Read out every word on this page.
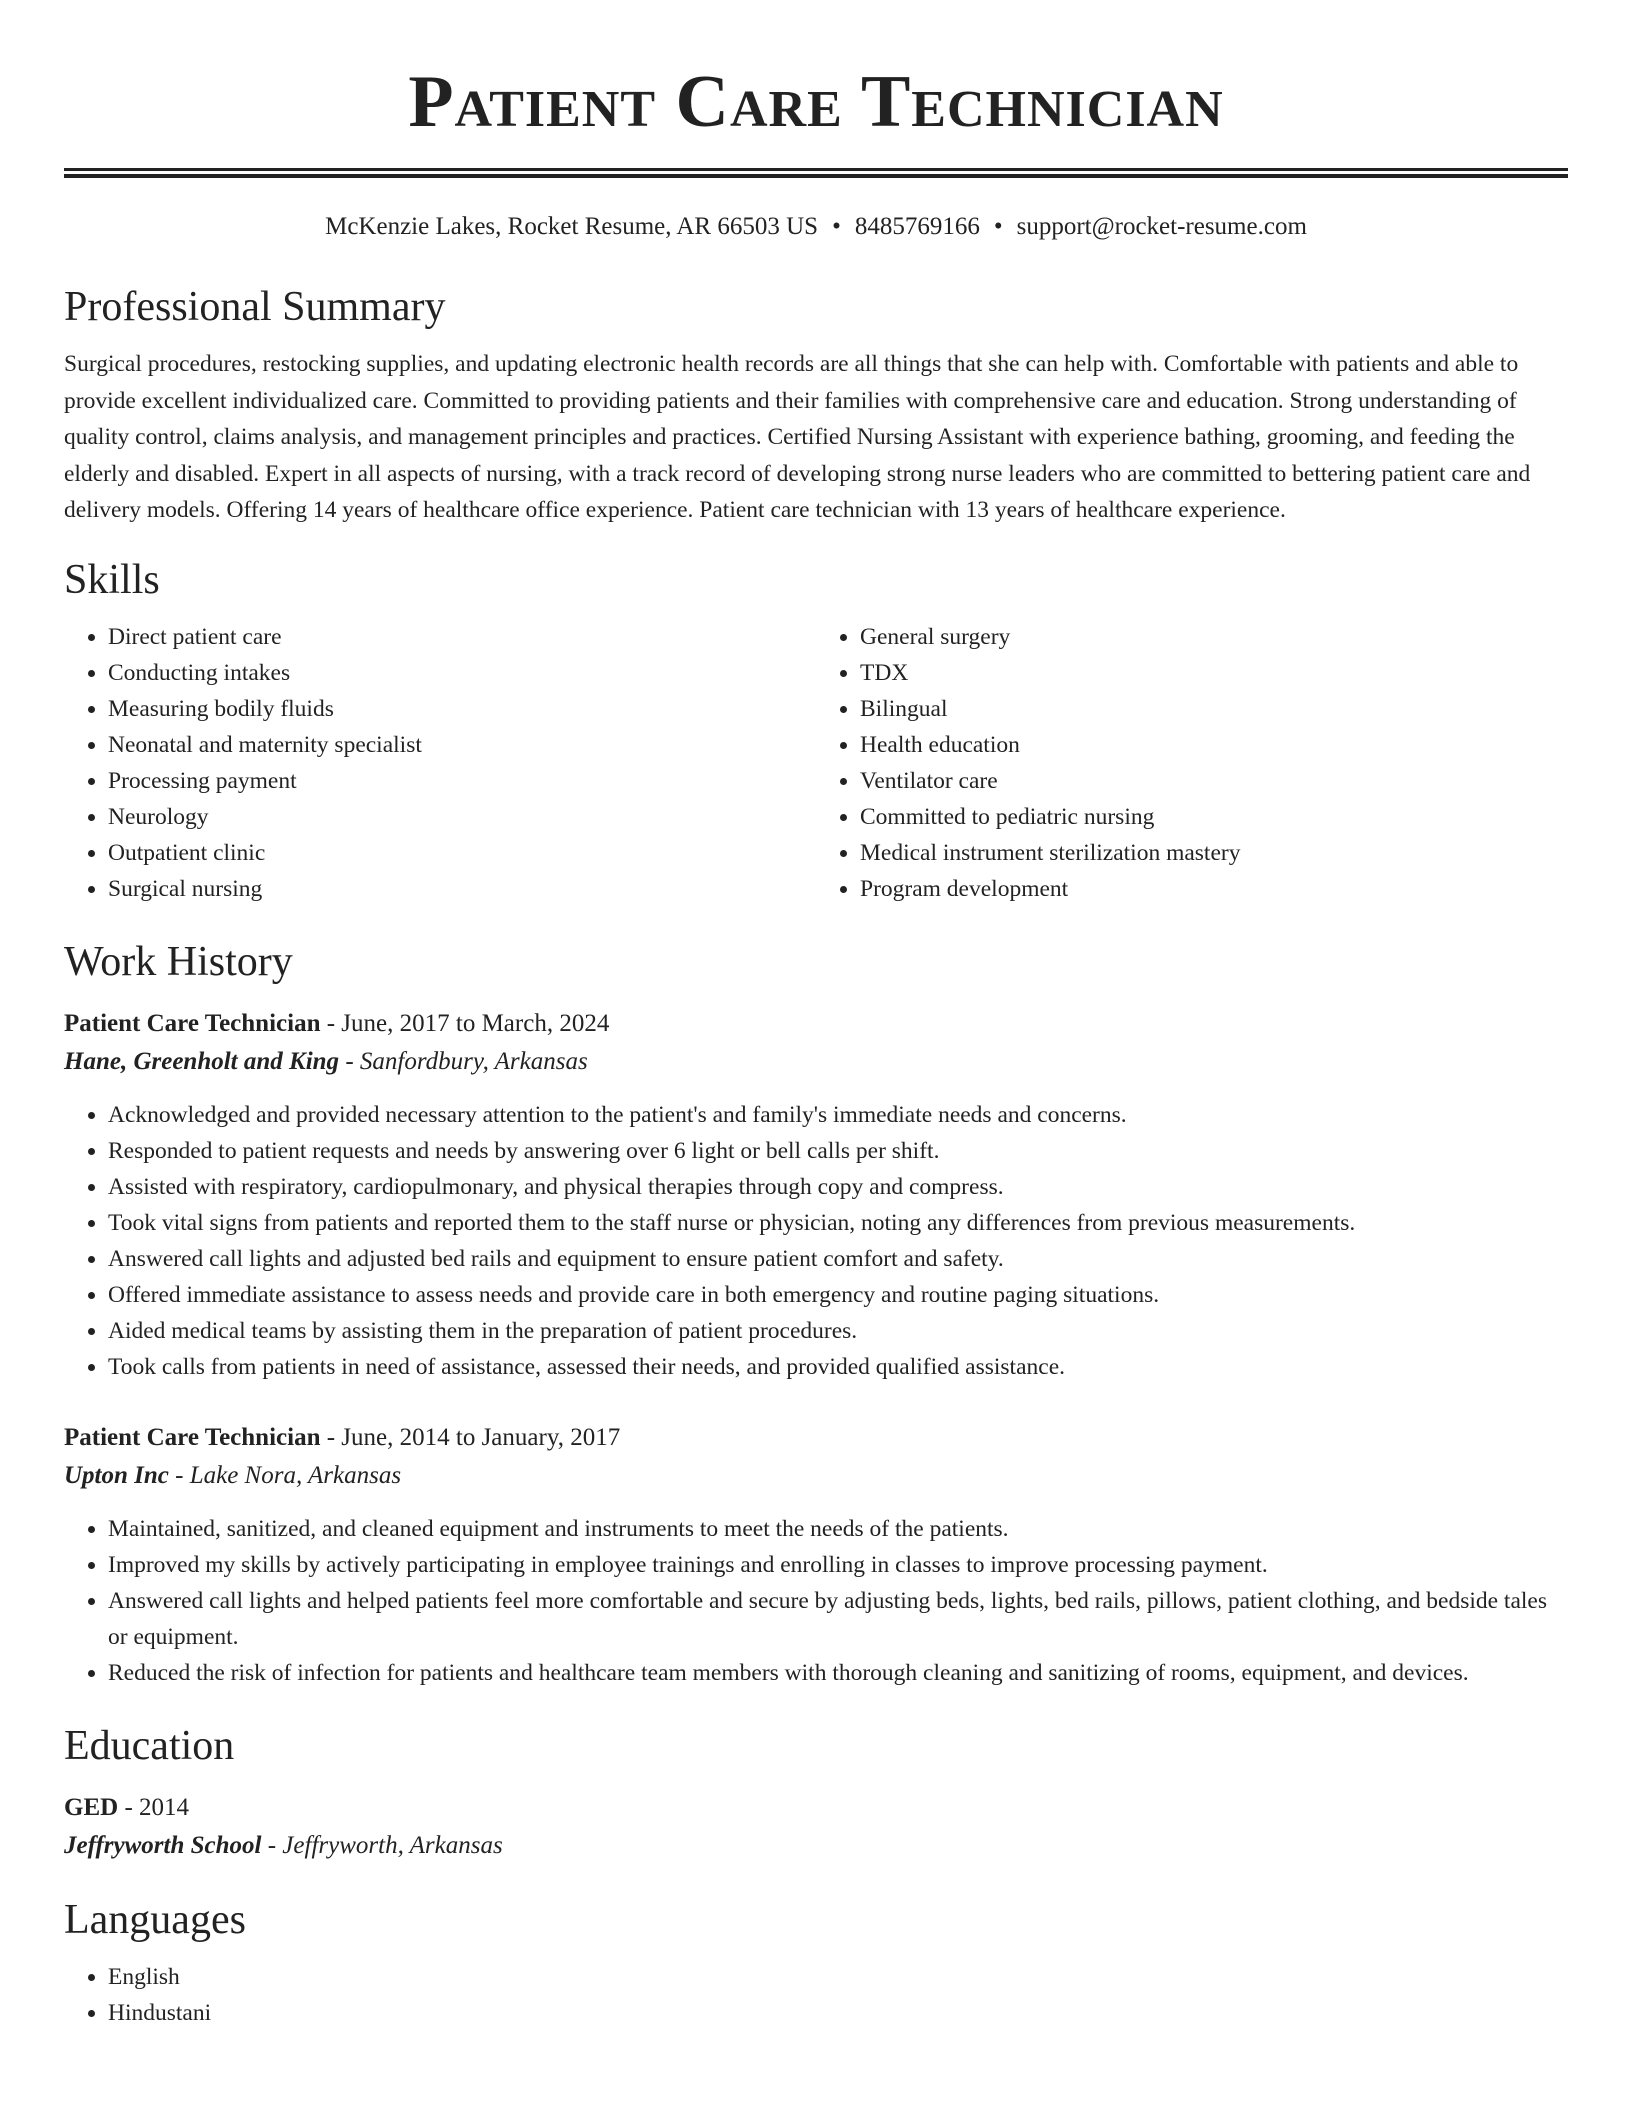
Patient Care Technician
McKenzie Lakes, Rocket Resume, AR 66503 US • 8485769166 • support@rocket-resume.com
Professional Summary

Surgical procedures, restocking supplies, and updating electronic health records are all things that she can help with. Comfortable with patients and able to provide excellent individualized care. Committed to providing patients and their families with comprehensive care and education. Strong understanding of quality control, claims analysis, and management principles and practices. Certified Nursing Assistant with experience bathing, grooming, and feeding the elderly and disabled. Expert in all aspects of nursing, with a track record of developing strong nurse leaders who are committed to bettering patient care and delivery models. Offering 14 years of healthcare office experience. Patient care technician with 13 years of healthcare experience.

Skills
• Direct patient care
• Conducting intakes
• Measuring bodily fluids
• Neonatal and maternity specialist
• Processing payment
• Neurology
• Outpatient clinic
• Surgical nursing
• General surgery
• TDX
• Bilingual
• Health education
• Ventilator care
• Committed to pediatric nursing
• Medical instrument sterilization mastery
• Program development
Work History
Patient Care Technician - June, 2017 to March, 2024
Hane, Greenholt and King - Sanfordbury, Arkansas
• Acknowledged and provided necessary attention to the patient's and family's immediate needs and concerns.
• Responded to patient requests and needs by answering over 6 light or bell calls per shift.
• Assisted with respiratory, cardiopulmonary, and physical therapies through copy and compress.
• Took vital signs from patients and reported them to the staff nurse or physician, noting any differences from previous measurements.
• Answered call lights and adjusted bed rails and equipment to ensure patient comfort and safety.
• Offered immediate assistance to assess needs and provide care in both emergency and routine paging situations.
• Aided medical teams by assisting them in the preparation of patient procedures.
• Took calls from patients in need of assistance, assessed their needs, and provided qualified assistance.
Patient Care Technician - June, 2014 to January, 2017
Upton Inc - Lake Nora, Arkansas
• Maintained, sanitized, and cleaned equipment and instruments to meet the needs of the patients.
• Improved my skills by actively participating in employee trainings and enrolling in classes to improve processing payment.
• Answered call lights and helped patients feel more comfortable and secure by adjusting beds, lights, bed rails, pillows, patient clothing, and bedside tales or equipment.
• Reduced the risk of infection for patients and healthcare team members with thorough cleaning and sanitizing of rooms, equipment, and devices.
Education
GED - 2014
Jeffryworth School - Jeffryworth, Arkansas
Languages
• English
• Hindustani
